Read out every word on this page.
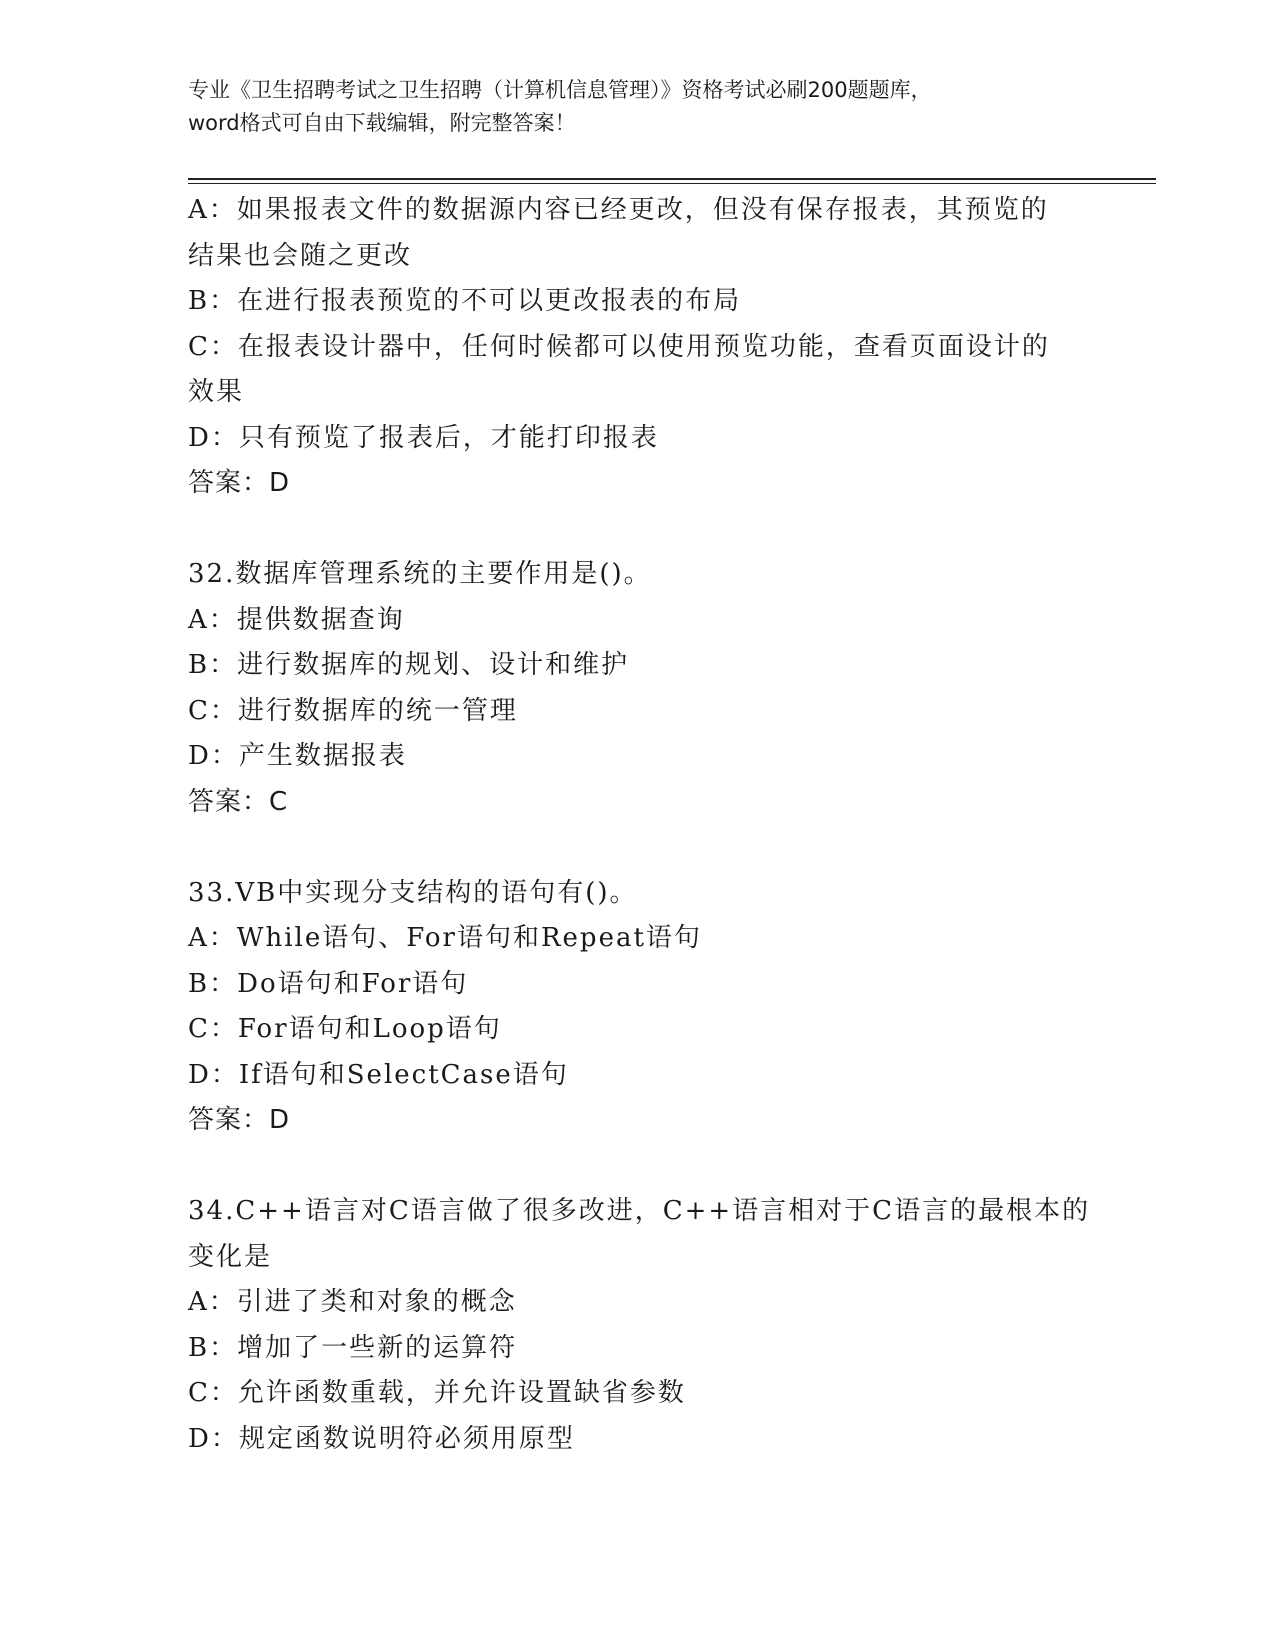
专业《卫生招聘考试之卫生招聘（计算机信息管理）》资格考试必刷200题题库，
word格式可自由下载编辑，附完整答案！
A：如果报表文件的数据源内容已经更改，但没有保存报表，其预览的
结果也会随之更改
B：在进行报表预览的不可以更改报表的布局
C：在报表设计器中，任何时候都可以使用预览功能，查看页面设计的
效果
D：只有预览了报表后，才能打印报表
答案：D
32.数据库管理系统的主要作用是()。
A：提供数据查询
B：进行数据库的规划、设计和维护
C：进行数据库的统一管理
D：产生数据报表
答案：C
33.VB中实现分支结构的语句有()。
A：While语句、For语句和Repeat语句
B：Do语句和For语句
C：For语句和Loop语句
D：If语句和SelectCase语句
答案：D
34.C++语言对C语言做了很多改进，C++语言相对于C语言的最根本的
变化是
A：引进了类和对象的概念
B：增加了一些新的运算符
C：允许函数重载，并允许设置缺省参数
D：规定函数说明符必须用原型
